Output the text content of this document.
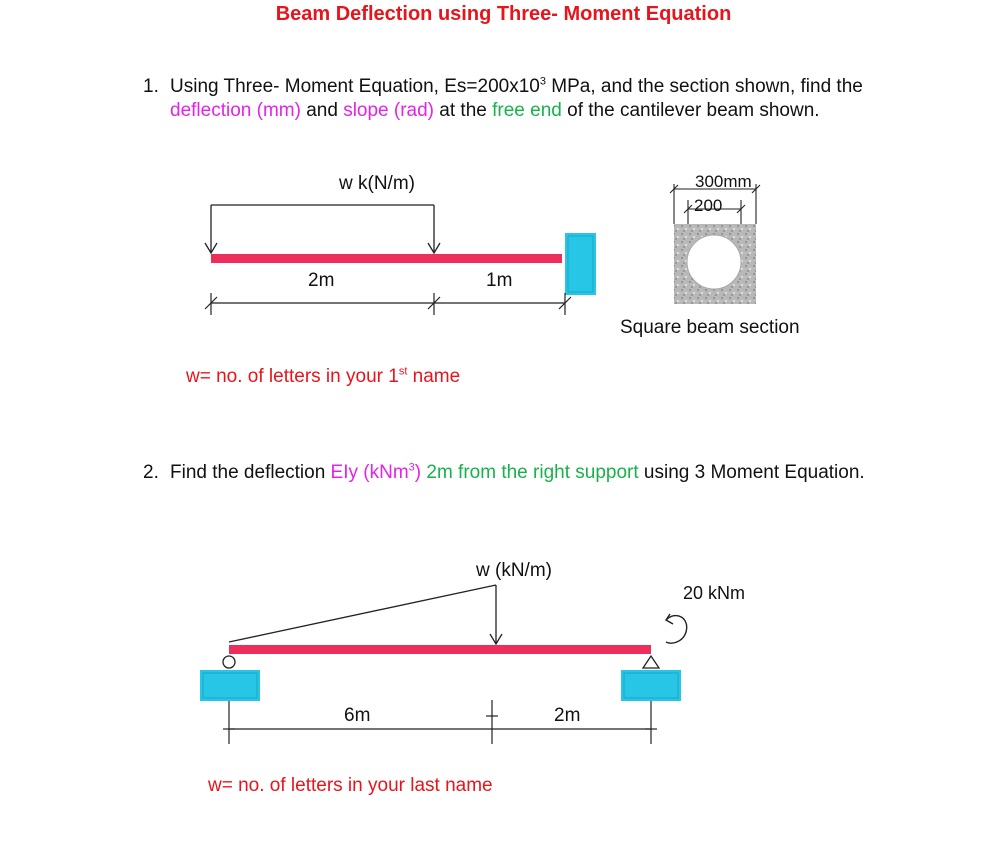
Beam Deflection using Three- Moment Equation
1. Using Three- Moment Equation, $Es=200x10^3$ MPa, and the section shown, find the deflection (mm) and slope (rad) at the free end of the cantilever beam shown.
w k(N/m)
2m	1m
300mm
200
Square beam section
w= no. of letters in your 1st name
2. Find the deflection EIy (kNm$^3$) 2m from the right support using 3 Moment Equation.
w (kN/m)
20 kNm
6m	2m
w= no. of letters in your last name
